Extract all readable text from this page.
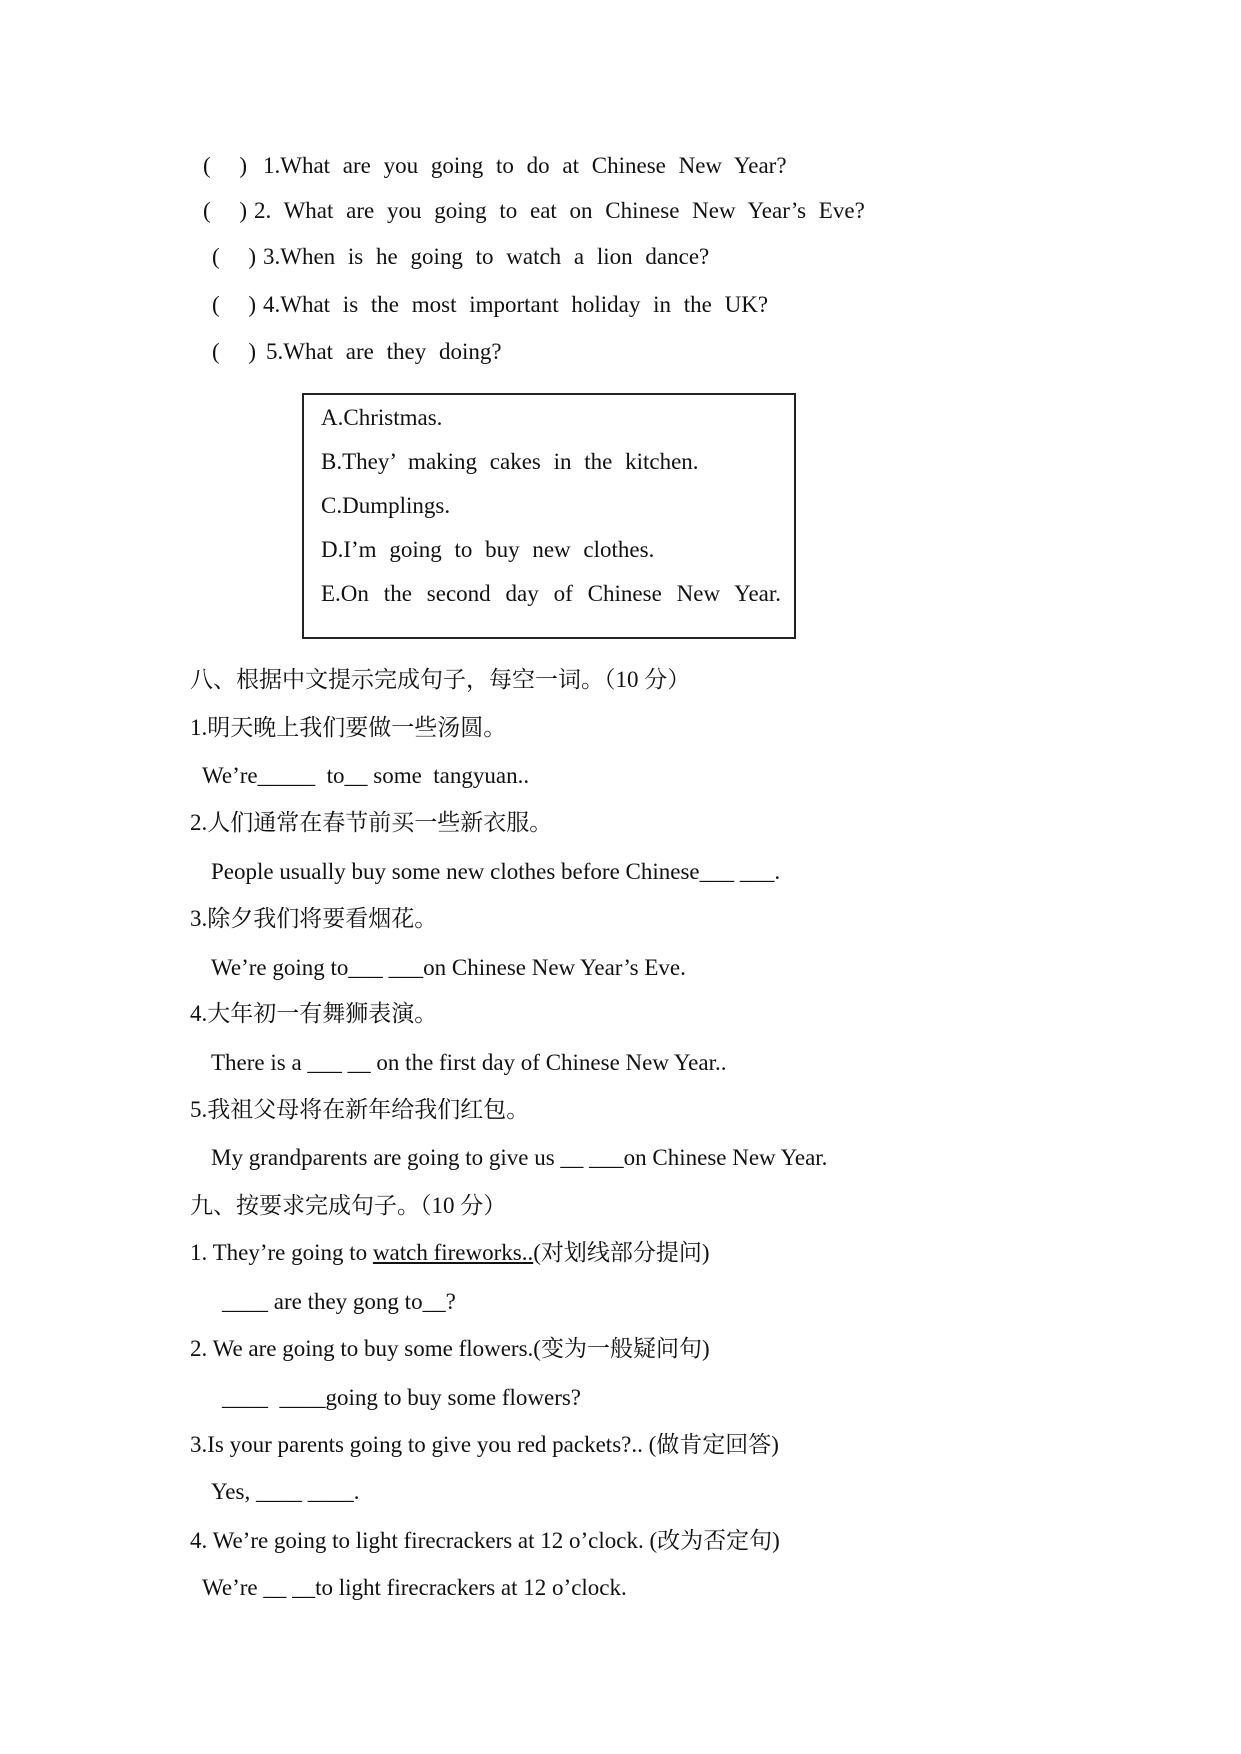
(     ) 1.What are you going to do at Chinese New Year?
(     ) 2. What are you going to eat on Chinese New Year’s Eve?
(     ) 3.When is he going to watch a lion dance?
(     ) 4.What is the most important holiday in the UK?
(     ) 5.What are they doing?
A.Christmas.
B.They’ making cakes in the kitchen.
C.Dumplings.
D.I’m going to buy new clothes.
E.On the second day of Chinese New Year.
八、根据中文提示完成句子，每空一词。（10 分）
1.明天晚上我们要做一些汤圆。
We’re_____  to__ some  tangyuan..
2.人们通常在春节前买一些新衣服。
People usually buy some new clothes before Chinese___ ___.
3.除夕我们将要看烟花。
We’re going to___ ___on Chinese New Year’s Eve.
4.大年初一有舞狮表演。
There is a ___ __ on the first day of Chinese New Year..
5.我祖父母将在新年给我们红包。
My grandparents are going to give us __ ___on Chinese New Year.
九、按要求完成句子。（10 分）
1. They’re going to watch fireworks..(对划线部分提问)
____ are they gong to__?
2. We are going to buy some flowers.(变为一般疑问句)
____  ____going to buy some flowers?
3.Is your parents going to give you red packets?.. (做肯定回答)
Yes, ____ ____.
4. We’re going to light firecrackers at 12 o’clock. (改为否定句)
We’re __ __to light firecrackers at 12 o’clock.
